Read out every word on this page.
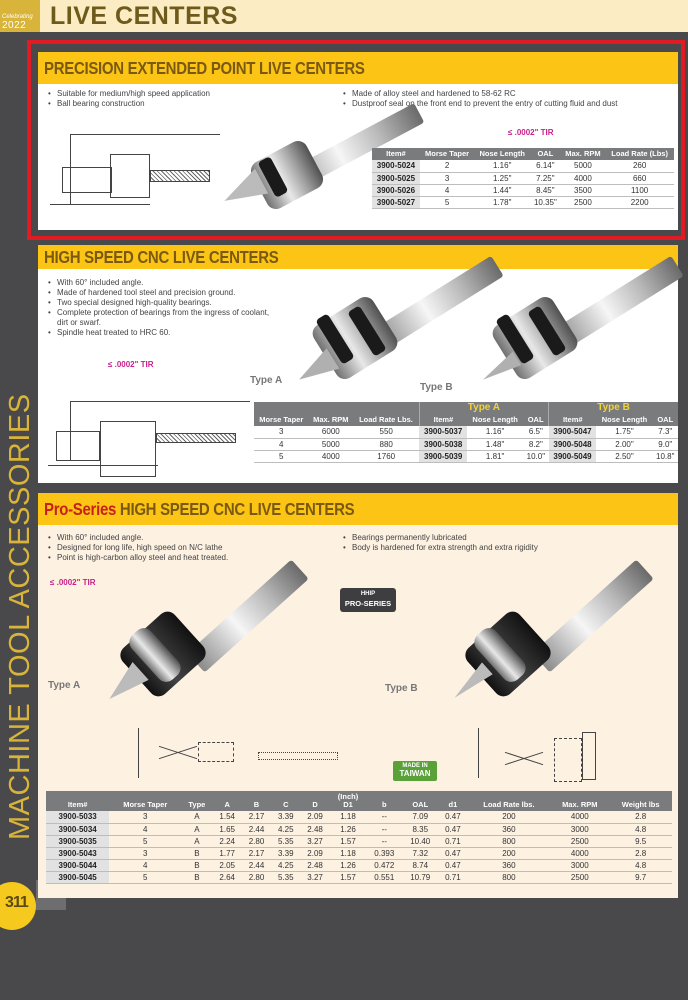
Celebrating
2022 LIVE CENTERS
MACHINE TOOL ACCESSORIES
311
PRECISION EXTENDED POINT LIVE CENTERS
• Suitable for medium/high speed application
• Ball bearing construction
• Made of alloy steel and hardened to 58-62 RC
• Dustproof seal on the front end to prevent the entry of cutting fluid and dust
≤ .0002" TIR
Item#	Morse Taper	Nose Length	OAL	Max. RPM	Load Rate (Lbs)
3900-5024	2	1.16"	6.14"	5000	260
3900-5025	3	1.25"	7.25"	4000	660
3900-5026	4	1.44"	8.45"	3500	1100
3900-5027	5	1.78"	10.35"	2500	2200
HIGH SPEED CNC LIVE CENTERS
• With 60° included angle.
• Made of hardened tool steel and precision ground.
• Two special designed high-quality bearings.
• Complete protection of bearings from the ingress of coolant, dirt or swarf.
• Spindle heat treated to HRC 60.
≤ .0002" TIR
Type A
Type B
Morse Taper	Max. RPM	Load Rate Lbs.	Type A			Type B		
			Item#	Nose Length	OAL	Item#	Nose Length	OAL
3	6000	550	3900-5037	1.16"	6.5"	3900-5047	1.75"	7.3"
4	5000	880	3900-5038	1.48"	8.2"	3900-5048	2.00"	9.0"
5	4000	1760	3900-5039	1.81"	10.0"	3900-5049	2.50"	10.8"
Pro-Series HIGH SPEED CNC LIVE CENTERS
• With 60° included angle.
• Designed for long life, high speed on N/C lathe
• Point is high-carbon alloy steel and heat treated.
• Bearings permanently lubricated
• Body is hardened for extra strength and extra rigidity
≤ .0002" TIR
Type A
HHIP
PRO-SERIES
Type B
MADE IN
TAIWAN
Item#	Morse Taper	Type	A	B	C	D	(Inch)
D1	b	OAL	d1	Load Rate lbs.	Max. RPM	Weight lbs
3900-5033	3	A	1.54	2.17	3.39	2.09	1.18	--	7.09	0.47	200	4000	2.8
3900-5034	4	A	1.65	2.44	4.25	2.48	1.26	--	8.35	0.47	360	3000	4.8
3900-5035	5	A	2.24	2.80	5.35	3.27	1.57	--	10.40	0.71	800	2500	9.5
3900-5043	3	B	1.77	2.17	3.39	2.09	1.18	0.393	7.32	0.47	200	4000	2.8
3900-5044	4	B	2.05	2.44	4.25	2.48	1.26	0.472	8.74	0.47	360	3000	4.8
3900-5045	5	B	2.64	2.80	5.35	3.27	1.57	0.551	10.79	0.71	800	2500	9.7
